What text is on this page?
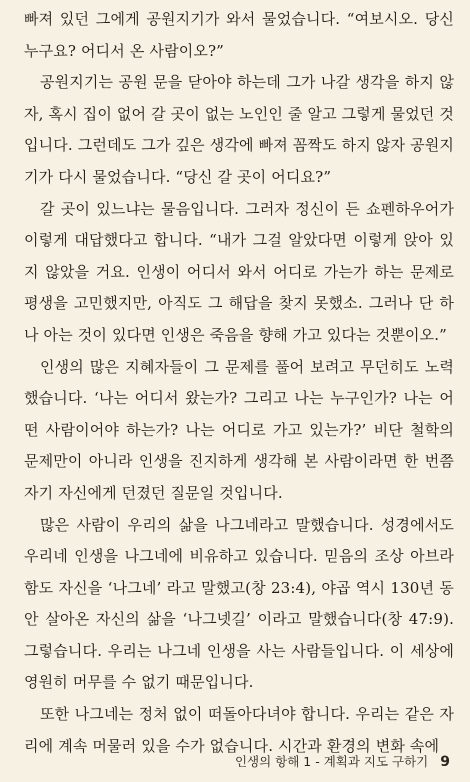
빠져 있던 그에게 공원지기가 와서 물었습니다. “여보시오. 당신 누구요? 어디서 온 사람이오?”

공원지기는 공원 문을 닫아야 하는데 그가 나갈 생각을 하지 않자, 혹시 집이 없어 갈 곳이 없는 노인인 줄 알고 그렇게 물었던 것입니다. 그런데도 그가 깊은 생각에 빠져 꼼짝도 하지 않자 공원지기가 다시 물었습니다. “당신 갈 곳이 어디요?”

갈 곳이 있느냐는 물음입니다. 그러자 정신이 든 쇼펜하우어가 이렇게 대답했다고 합니다. “내가 그걸 알았다면 이렇게 앉아 있지 않았을 거요. 인생이 어디서 와서 어디로 가는가 하는 문제로 평생을 고민했지만, 아직도 그 해답을 찾지 못했소. 그러나 단 하나 아는 것이 있다면 인생은 죽음을 향해 가고 있다는 것뿐이오.”

인생의 많은 지혜자들이 그 문제를 풀어 보려고 무던히도 노력했습니다. ‘나는 어디서 왔는가? 그리고 나는 누구인가? 나는 어떤 사람이어야 하는가? 나는 어디로 가고 있는가?’ 비단 철학의 문제만이 아니라 인생을 진지하게 생각해 본 사람이라면 한 번쯤 자기 자신에게 던졌던 질문일 것입니다.

많은 사람이 우리의 삶을 나그네라고 말했습니다. 성경에서도 우리네 인생을 나그네에 비유하고 있습니다. 믿음의 조상 아브라함도 자신을 ‘나그네’ 라고 말했고(창 23:4), 야곱 역시 130년 동안 살아온 자신의 삶을 ‘나그넷길’ 이라고 말했습니다(창 47:9). 그렇습니다. 우리는 나그네 인생을 사는 사람들입니다. 이 세상에 영원히 머무를 수 없기 때문입니다.

또한 나그네는 정처 없이 떠돌아다녀야 합니다. 우리는 같은 자리에 계속 머물러 있을 수가 없습니다. 시간과 환경의 변화 속에

인생의 항해 1 - 계획과 지도 구하기 9
